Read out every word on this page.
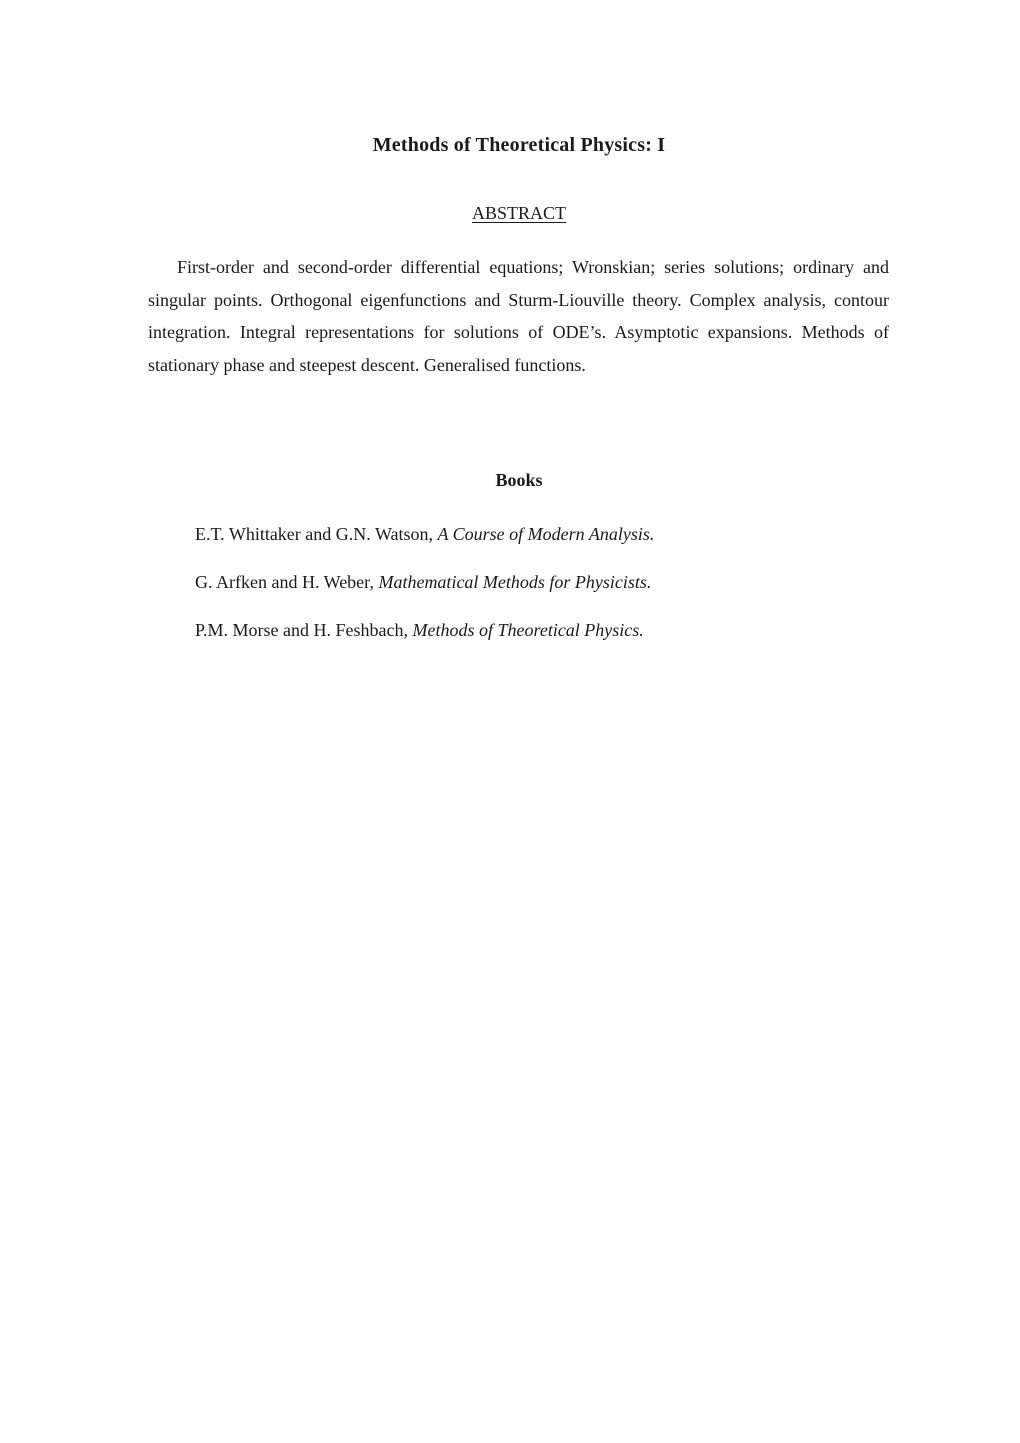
Methods of Theoretical Physics: I
ABSTRACT

First-order and second-order differential equations; Wronskian; series solutions; ordinary and singular points. Orthogonal eigenfunctions and Sturm-Liouville theory. Complex analysis, contour integration. Integral representations for solutions of ODE’s. Asymptotic expansions. Methods of stationary phase and steepest descent. Generalised functions.

Books
E.T. Whittaker and G.N. Watson, A Course of Modern Analysis.
G. Arfken and H. Weber, Mathematical Methods for Physicists.
P.M. Morse and H. Feshbach, Methods of Theoretical Physics.
